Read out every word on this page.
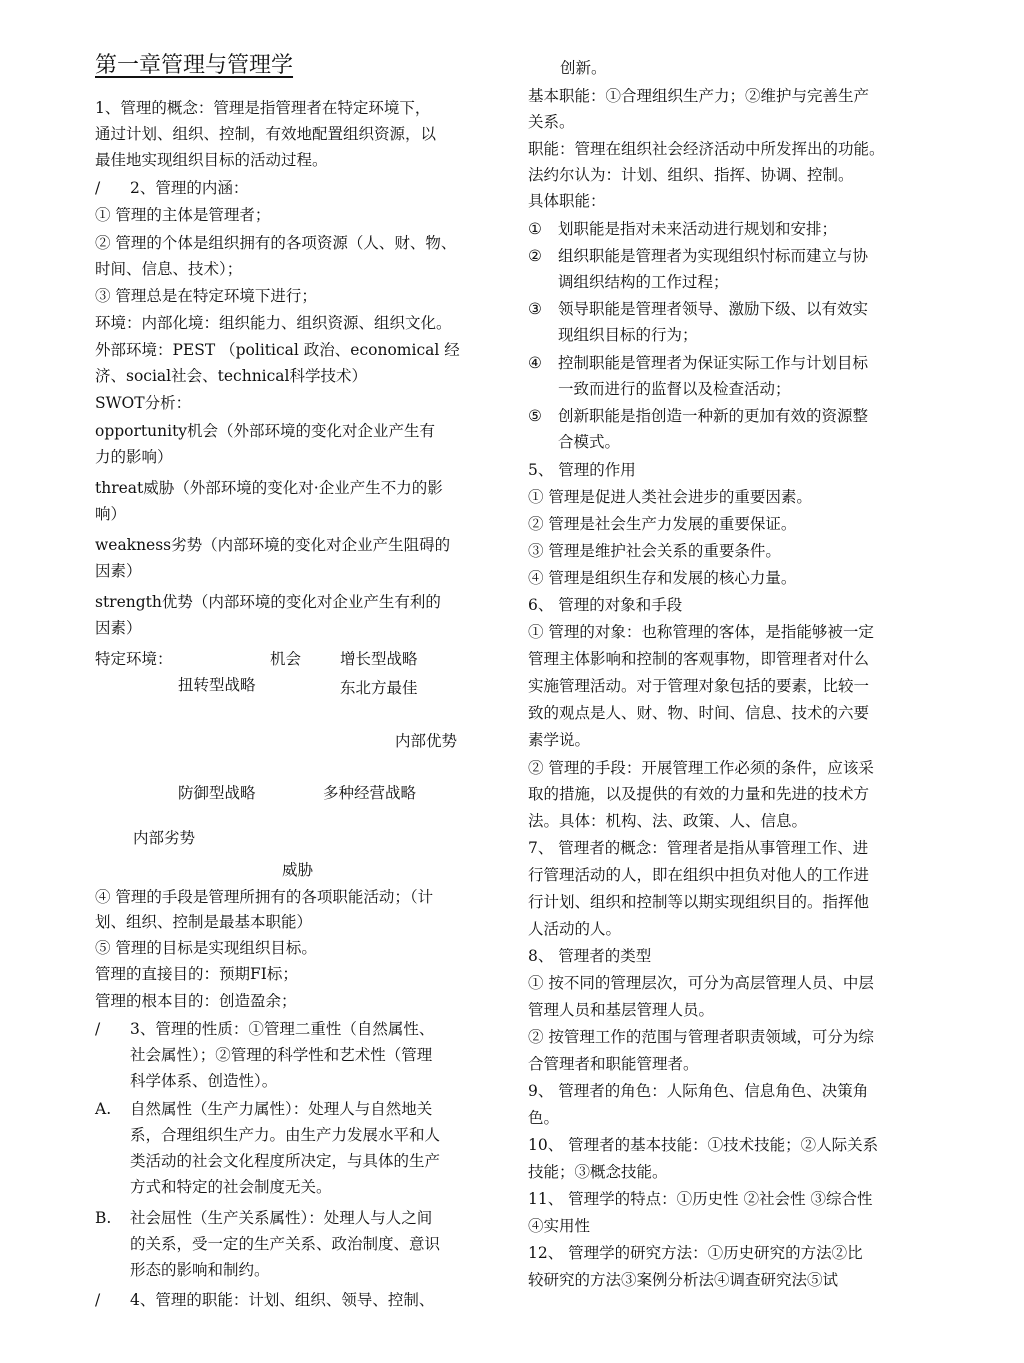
第一章管理与管理学
1、管理的概念：管理是指管理者在特定环境下，
通过计划、组织、控制，有效地配置组织资源，以
最佳地实现组织目标的活动过程。
/	2、管理的内涵：
① 管理的主体是管理者；
② 管理的个体是组织拥有的各项资源（人、财、物、
时间、信息、技术）；
③ 管理总是在特定环境下进行；
环境：内部化境：组织能力、组织资源、组织文化。
外部环境：PEST （political 政治、economical 经
济、social社会、technical科学技术）
SWOT分析：
opportunity机会（外部环境的变化对企业产生有
力的影响）
threat威胁（外部环境的变化对·企业产生不力的影
响）
weakness劣势（内部环境的变化对企业产生阻碍的
因素）
strength优势（内部环境的变化对企业产生有利的
因素）
特定环境：	机会	增长型战略
扭转型战略	东北方最佳
内部优势
防御型战略	多种经营战略
内部劣势
威胁
④ 管理的手段是管理所拥有的各项职能活动；（计
划、组织、控制是最基本职能）
⑤ 管理的目标是实现组织目标。
管理的直接目的：预期FI标；
管理的根本目的：创造盈余；
/	3、管理的性质：①管理二重性（自然属性、
社会属性）；②管理的科学性和艺术性（管理
科学体系、创造性）。
A.	自然属性（生产力属性）：处理人与自然地关
系，合理组织生产力。由生产力发展水平和人
类活动的社会文化程度所决定，与具体的生产
方式和特定的社会制度无关。
B.	社会屈性（生产关系属性）：处理人与人之间
的关系，受一定的生产关系、政治制度、意识
形态的影响和制约。
/	4、管理的职能：计划、组织、领导、控制、
创新。
基本职能：①合理组织生产力；②维护与完善生产
关系。
职能：管理在组织社会经济活动中所发挥出的功能。
法约尔认为：计划、组织、指挥、协调、控制。
具体职能：
①	划职能是指对未来活动进行规划和安排；
②	组织职能是管理者为实现组织忖标而建立与协
调组织结构的工作过程；
③	领导职能是管理者领导、激励下级、以有效实
现组织目标的行为；
④	控制职能是管理者为保证实际工作与计划目标
一致而进行的监督以及检查活动；
⑤	创新职能是指创造一种新的更加有效的资源整
合模式。
5、 管理的作用
① 管理是促进人类社会进步的重要因素。
② 管理是社会生产力发展的重要保证。
③ 管理是维护社会关系的重要条件。
④ 管理是组织生存和发展的核心力量。
6、 管理的对象和手段
① 管理的对象：也称管理的客体，是指能够被一定
管理主体影响和控制的客观事物，即管理者对什么
实施管理活动。对于管理对象包括的要素，比较一
致的观点是人、财、物、时间、信息、技术的六要
素学说。
② 管理的手段：开展管理工作必须的条件，应该采
取的措施，以及提供的有效的力量和先进的技术方
法。具体：机构、法、政策、人、信息。
7、 管理者的概念：管理者是指从事管理工作、进
行管理活动的人，即在组织中担负对他人的工作进
行计划、组织和控制等以期实现组织目的。指挥他
人活动的人。
8、 管理者的类型
① 按不同的管理层次，可分为高层管理人员、中层
管理人员和基层管理人员。
② 按管理工作的范围与管理者职责领域，可分为综
合管理者和职能管理者。
9、 管理者的角色：人际角色、信息角色、决策角
色。
10、 管理者的基本技能：①技术技能；②人际关系
技能；③概念技能。
11、 管理学的特点：①历史性 ②社会性 ③综合性
④实用性
12、 管理学的研究方法：①历史研究的方法②比
较研究的方法③案例分析法④调查研究法⑤试
